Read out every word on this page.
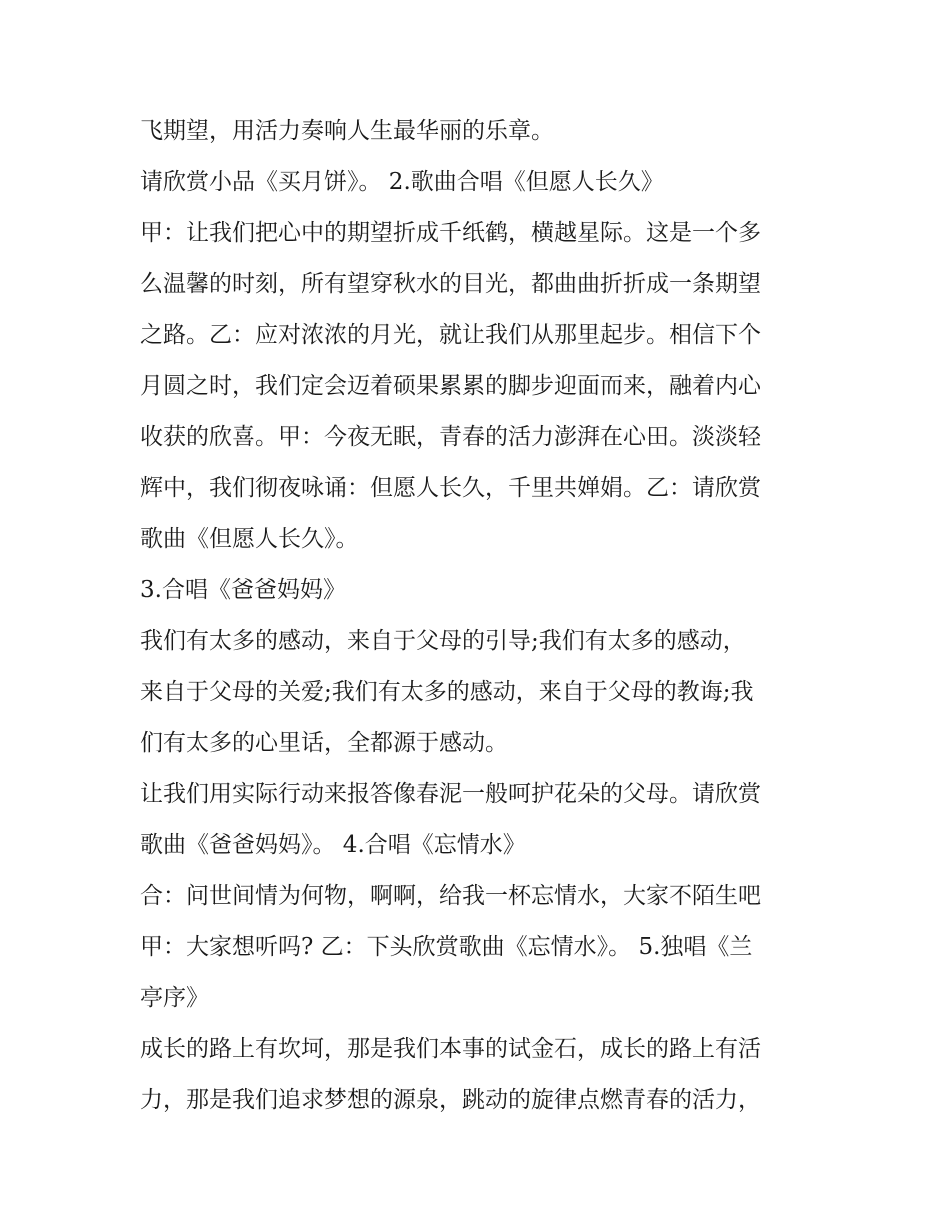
飞期望，用活力奏响人生最华丽的乐章。
请欣赏小品《买月饼》。 2.歌曲合唱《但愿人长久》
甲：让我们把心中的期望折成千纸鹤，横越星际。这是一个多
么温馨的时刻，所有望穿秋水的目光，都曲曲折折成一条期望
之路。乙：应对浓浓的月光，就让我们从那里起步。相信下个
月圆之时，我们定会迈着硕果累累的脚步迎面而来，融着内心
收获的欣喜。甲：今夜无眠，青春的活力澎湃在心田。淡淡轻
辉中，我们彻夜咏诵：但愿人长久，千里共婵娟。乙：请欣赏
歌曲《但愿人长久》。
3.合唱《爸爸妈妈》
我们有太多的感动，来自于父母的引导;我们有太多的感动，
来自于父母的关爱;我们有太多的感动，来自于父母的教诲;我
们有太多的心里话，全都源于感动。
让我们用实际行动来报答像春泥一般呵护花朵的父母。请欣赏
歌曲《爸爸妈妈》。 4.合唱《忘情水》
合：问世间情为何物，啊啊，给我一杯忘情水，大家不陌生吧
甲：大家想听吗? 乙：下头欣赏歌曲《忘情水》。 5.独唱《兰
亭序》
成长的路上有坎坷，那是我们本事的试金石，成长的路上有活
力，那是我们追求梦想的源泉，跳动的旋律点燃青春的活力，
